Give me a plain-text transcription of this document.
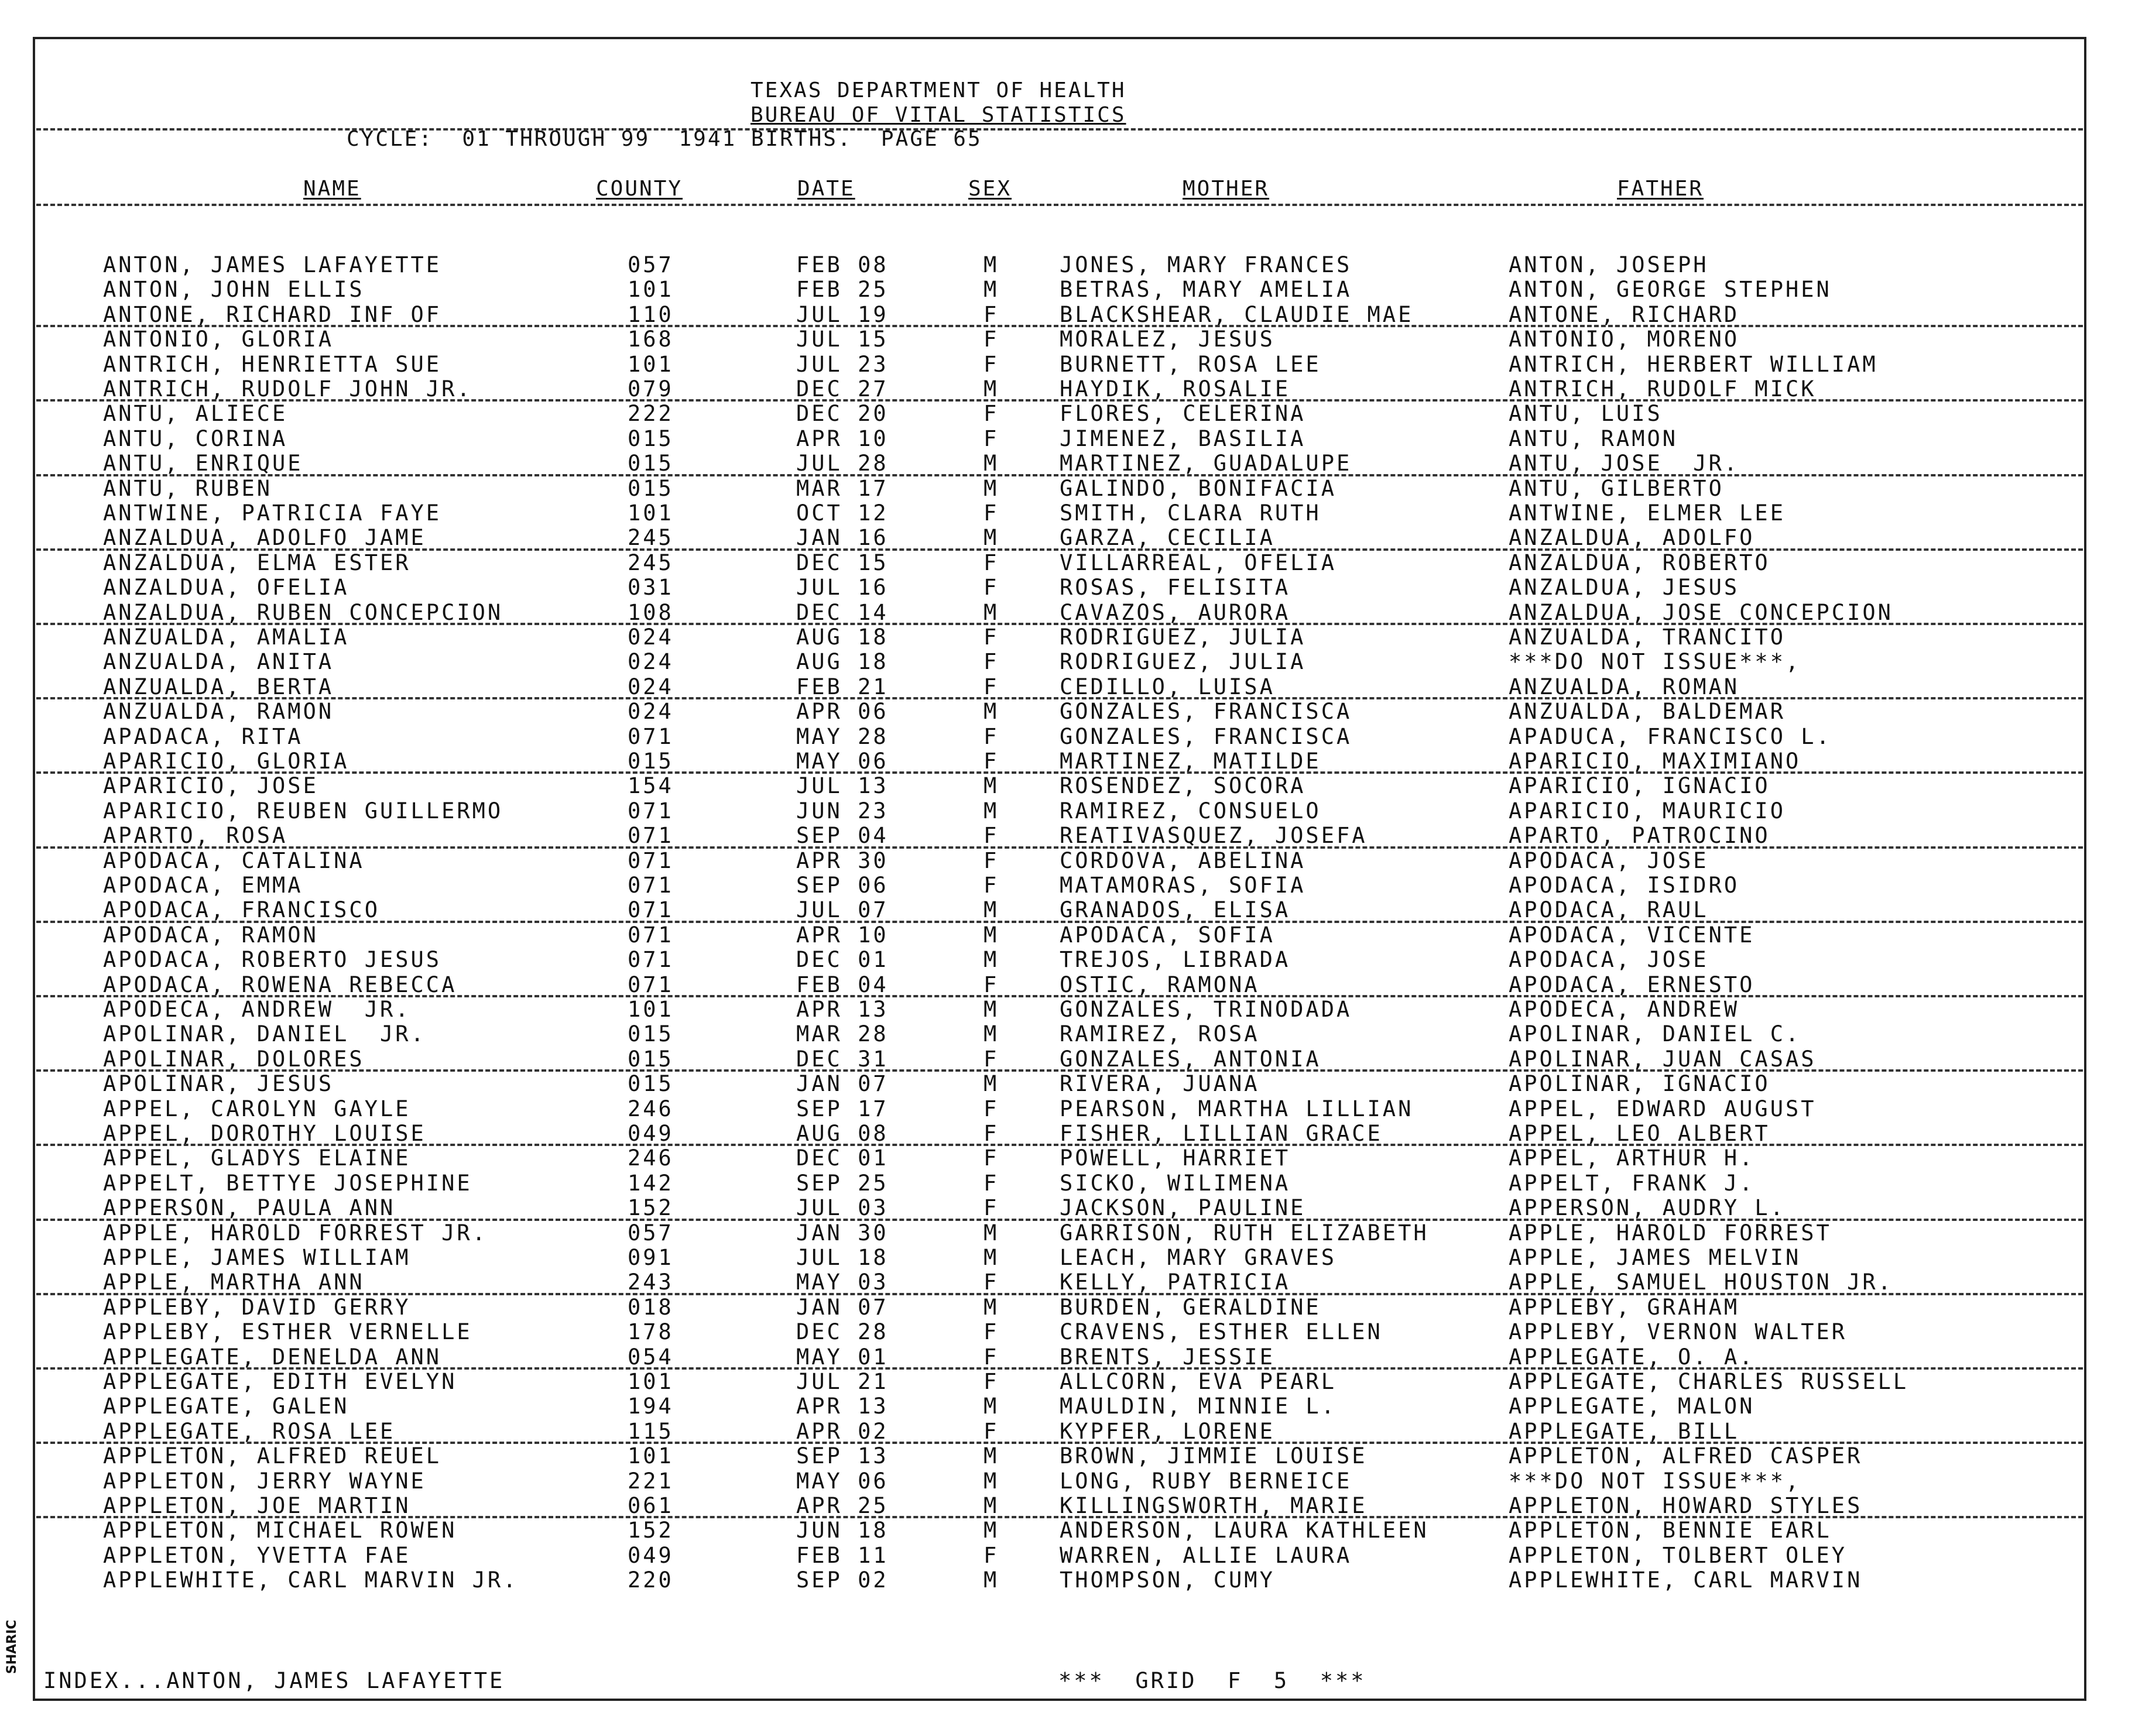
TEXAS DEPARTMENT OF HEALTH
BUREAU OF VITAL STATISTICS
CYCLE:  01 THROUGH 99  1941 BIRTHS.  PAGE 65
NAME	COUNTY	DATE	SEX	MOTHER	FATHER
ANTON, JAMES LAFAYETTE	057	FEB 08	M	JONES, MARY FRANCES	ANTON, JOSEPH
ANTON, JOHN ELLIS	101	FEB 25	M	BETRAS, MARY AMELIA	ANTON, GEORGE STEPHEN
ANTONE, RICHARD INF OF	110	JUL 19	F	BLACKSHEAR, CLAUDIE MAE	ANTONE, RICHARD
ANTONIO, GLORIA	168	JUL 15	F	MORALEZ, JESUS	ANTONIO, MORENO
ANTRICH, HENRIETTA SUE	101	JUL 23	F	BURNETT, ROSA LEE	ANTRICH, HERBERT WILLIAM
ANTRICH, RUDOLF JOHN JR.	079	DEC 27	M	HAYDIK, ROSALIE	ANTRICH, RUDOLF MICK
ANTU, ALIECE	222	DEC 20	F	FLORES, CELERINA	ANTU, LUIS
ANTU, CORINA	015	APR 10	F	JIMENEZ, BASILIA	ANTU, RAMON
ANTU, ENRIQUE	015	JUL 28	M	MARTINEZ, GUADALUPE	ANTU, JOSE  JR.
ANTU, RUBEN	015	MAR 17	M	GALINDO, BONIFACIA	ANTU, GILBERTO
ANTWINE, PATRICIA FAYE	101	OCT 12	F	SMITH, CLARA RUTH	ANTWINE, ELMER LEE
ANZALDUA, ADOLFO JAME	245	JAN 16	M	GARZA, CECILIA	ANZALDUA, ADOLFO
ANZALDUA, ELMA ESTER	245	DEC 15	F	VILLARREAL, OFELIA	ANZALDUA, ROBERTO
ANZALDUA, OFELIA	031	JUL 16	F	ROSAS, FELISITA	ANZALDUA, JESUS
ANZALDUA, RUBEN CONCEPCION	108	DEC 14	M	CAVAZOS, AURORA	ANZALDUA, JOSE CONCEPCION
ANZUALDA, AMALIA	024	AUG 18	F	RODRIGUEZ, JULIA	ANZUALDA, TRANCITO
ANZUALDA, ANITA	024	AUG 18	F	RODRIGUEZ, JULIA	***DO NOT ISSUE***,
ANZUALDA, BERTA	024	FEB 21	F	CEDILLO, LUISA	ANZUALDA, ROMAN
ANZUALDA, RAMON	024	APR 06	M	GONZALES, FRANCISCA	ANZUALDA, BALDEMAR
APADACA, RITA	071	MAY 28	F	GONZALES, FRANCISCA	APADUCA, FRANCISCO L.
APARICIO, GLORIA	015	MAY 06	F	MARTINEZ, MATILDE	APARICIO, MAXIMIANO
APARICIO, JOSE	154	JUL 13	M	ROSENDEZ, SOCORA	APARICIO, IGNACIO
APARICIO, REUBEN GUILLERMO	071	JUN 23	M	RAMIREZ, CONSUELO	APARICIO, MAURICIO
APARTO, ROSA	071	SEP 04	F	REATIVASQUEZ, JOSEFA	APARTO, PATROCINO
APODACA, CATALINA	071	APR 30	F	CORDOVA, ABELINA	APODACA, JOSE
APODACA, EMMA	071	SEP 06	F	MATAMORAS, SOFIA	APODACA, ISIDRO
APODACA, FRANCISCO	071	JUL 07	M	GRANADOS, ELISA	APODACA, RAUL
APODACA, RAMON	071	APR 10	M	APODACA, SOFIA	APODACA, VICENTE
APODACA, ROBERTO JESUS	071	DEC 01	M	TREJOS, LIBRADA	APODACA, JOSE
APODACA, ROWENA REBECCA	071	FEB 04	F	OSTIC, RAMONA	APODACA, ERNESTO
APODECA, ANDREW  JR.	101	APR 13	M	GONZALES, TRINODADA	APODECA, ANDREW
APOLINAR, DANIEL  JR.	015	MAR 28	M	RAMIREZ, ROSA	APOLINAR, DANIEL C.
APOLINAR, DOLORES	015	DEC 31	F	GONZALES, ANTONIA	APOLINAR, JUAN CASAS
APOLINAR, JESUS	015	JAN 07	M	RIVERA, JUANA	APOLINAR, IGNACIO
APPEL, CAROLYN GAYLE	246	SEP 17	F	PEARSON, MARTHA LILLIAN	APPEL, EDWARD AUGUST
APPEL, DOROTHY LOUISE	049	AUG 08	F	FISHER, LILLIAN GRACE	APPEL, LEO ALBERT
APPEL, GLADYS ELAINE	246	DEC 01	F	POWELL, HARRIET	APPEL, ARTHUR H.
APPELT, BETTYE JOSEPHINE	142	SEP 25	F	SICKO, WILIMENA	APPELT, FRANK J.
APPERSON, PAULA ANN	152	JUL 03	F	JACKSON, PAULINE	APPERSON, AUDRY L.
APPLE, HAROLD FORREST JR.	057	JAN 30	M	GARRISON, RUTH ELIZABETH	APPLE, HAROLD FORREST
APPLE, JAMES WILLIAM	091	JUL 18	M	LEACH, MARY GRAVES	APPLE, JAMES MELVIN
APPLE, MARTHA ANN	243	MAY 03	F	KELLY, PATRICIA	APPLE, SAMUEL HOUSTON JR.
APPLEBY, DAVID GERRY	018	JAN 07	M	BURDEN, GERALDINE	APPLEBY, GRAHAM
APPLEBY, ESTHER VERNELLE	178	DEC 28	F	CRAVENS, ESTHER ELLEN	APPLEBY, VERNON WALTER
APPLEGATE, DENELDA ANN	054	MAY 01	F	BRENTS, JESSIE	APPLEGATE, O. A.
APPLEGATE, EDITH EVELYN	101	JUL 21	F	ALLCORN, EVA PEARL	APPLEGATE, CHARLES RUSSELL
APPLEGATE, GALEN	194	APR 13	M	MAULDIN, MINNIE L.	APPLEGATE, MALON
APPLEGATE, ROSA LEE	115	APR 02	F	KYPFER, LORENE	APPLEGATE, BILL
APPLETON, ALFRED REUEL	101	SEP 13	M	BROWN, JIMMIE LOUISE	APPLETON, ALFRED CASPER
APPLETON, JERRY WAYNE	221	MAY 06	M	LONG, RUBY BERNEICE	***DO NOT ISSUE***,
APPLETON, JOE MARTIN	061	APR 25	M	KILLINGSWORTH, MARIE	APPLETON, HOWARD STYLES
APPLETON, MICHAEL ROWEN	152	JUN 18	M	ANDERSON, LAURA KATHLEEN	APPLETON, BENNIE EARL
APPLETON, YVETTA FAE	049	FEB 11	F	WARREN, ALLIE LAURA	APPLETON, TOLBERT OLEY
APPLEWHITE, CARL MARVIN JR.	220	SEP 02	M	THOMPSON, CUMY	APPLEWHITE, CARL MARVIN
INDEX...ANTON, JAMES LAFAYETTE	***  GRID  F  5  ***
SHARIC
